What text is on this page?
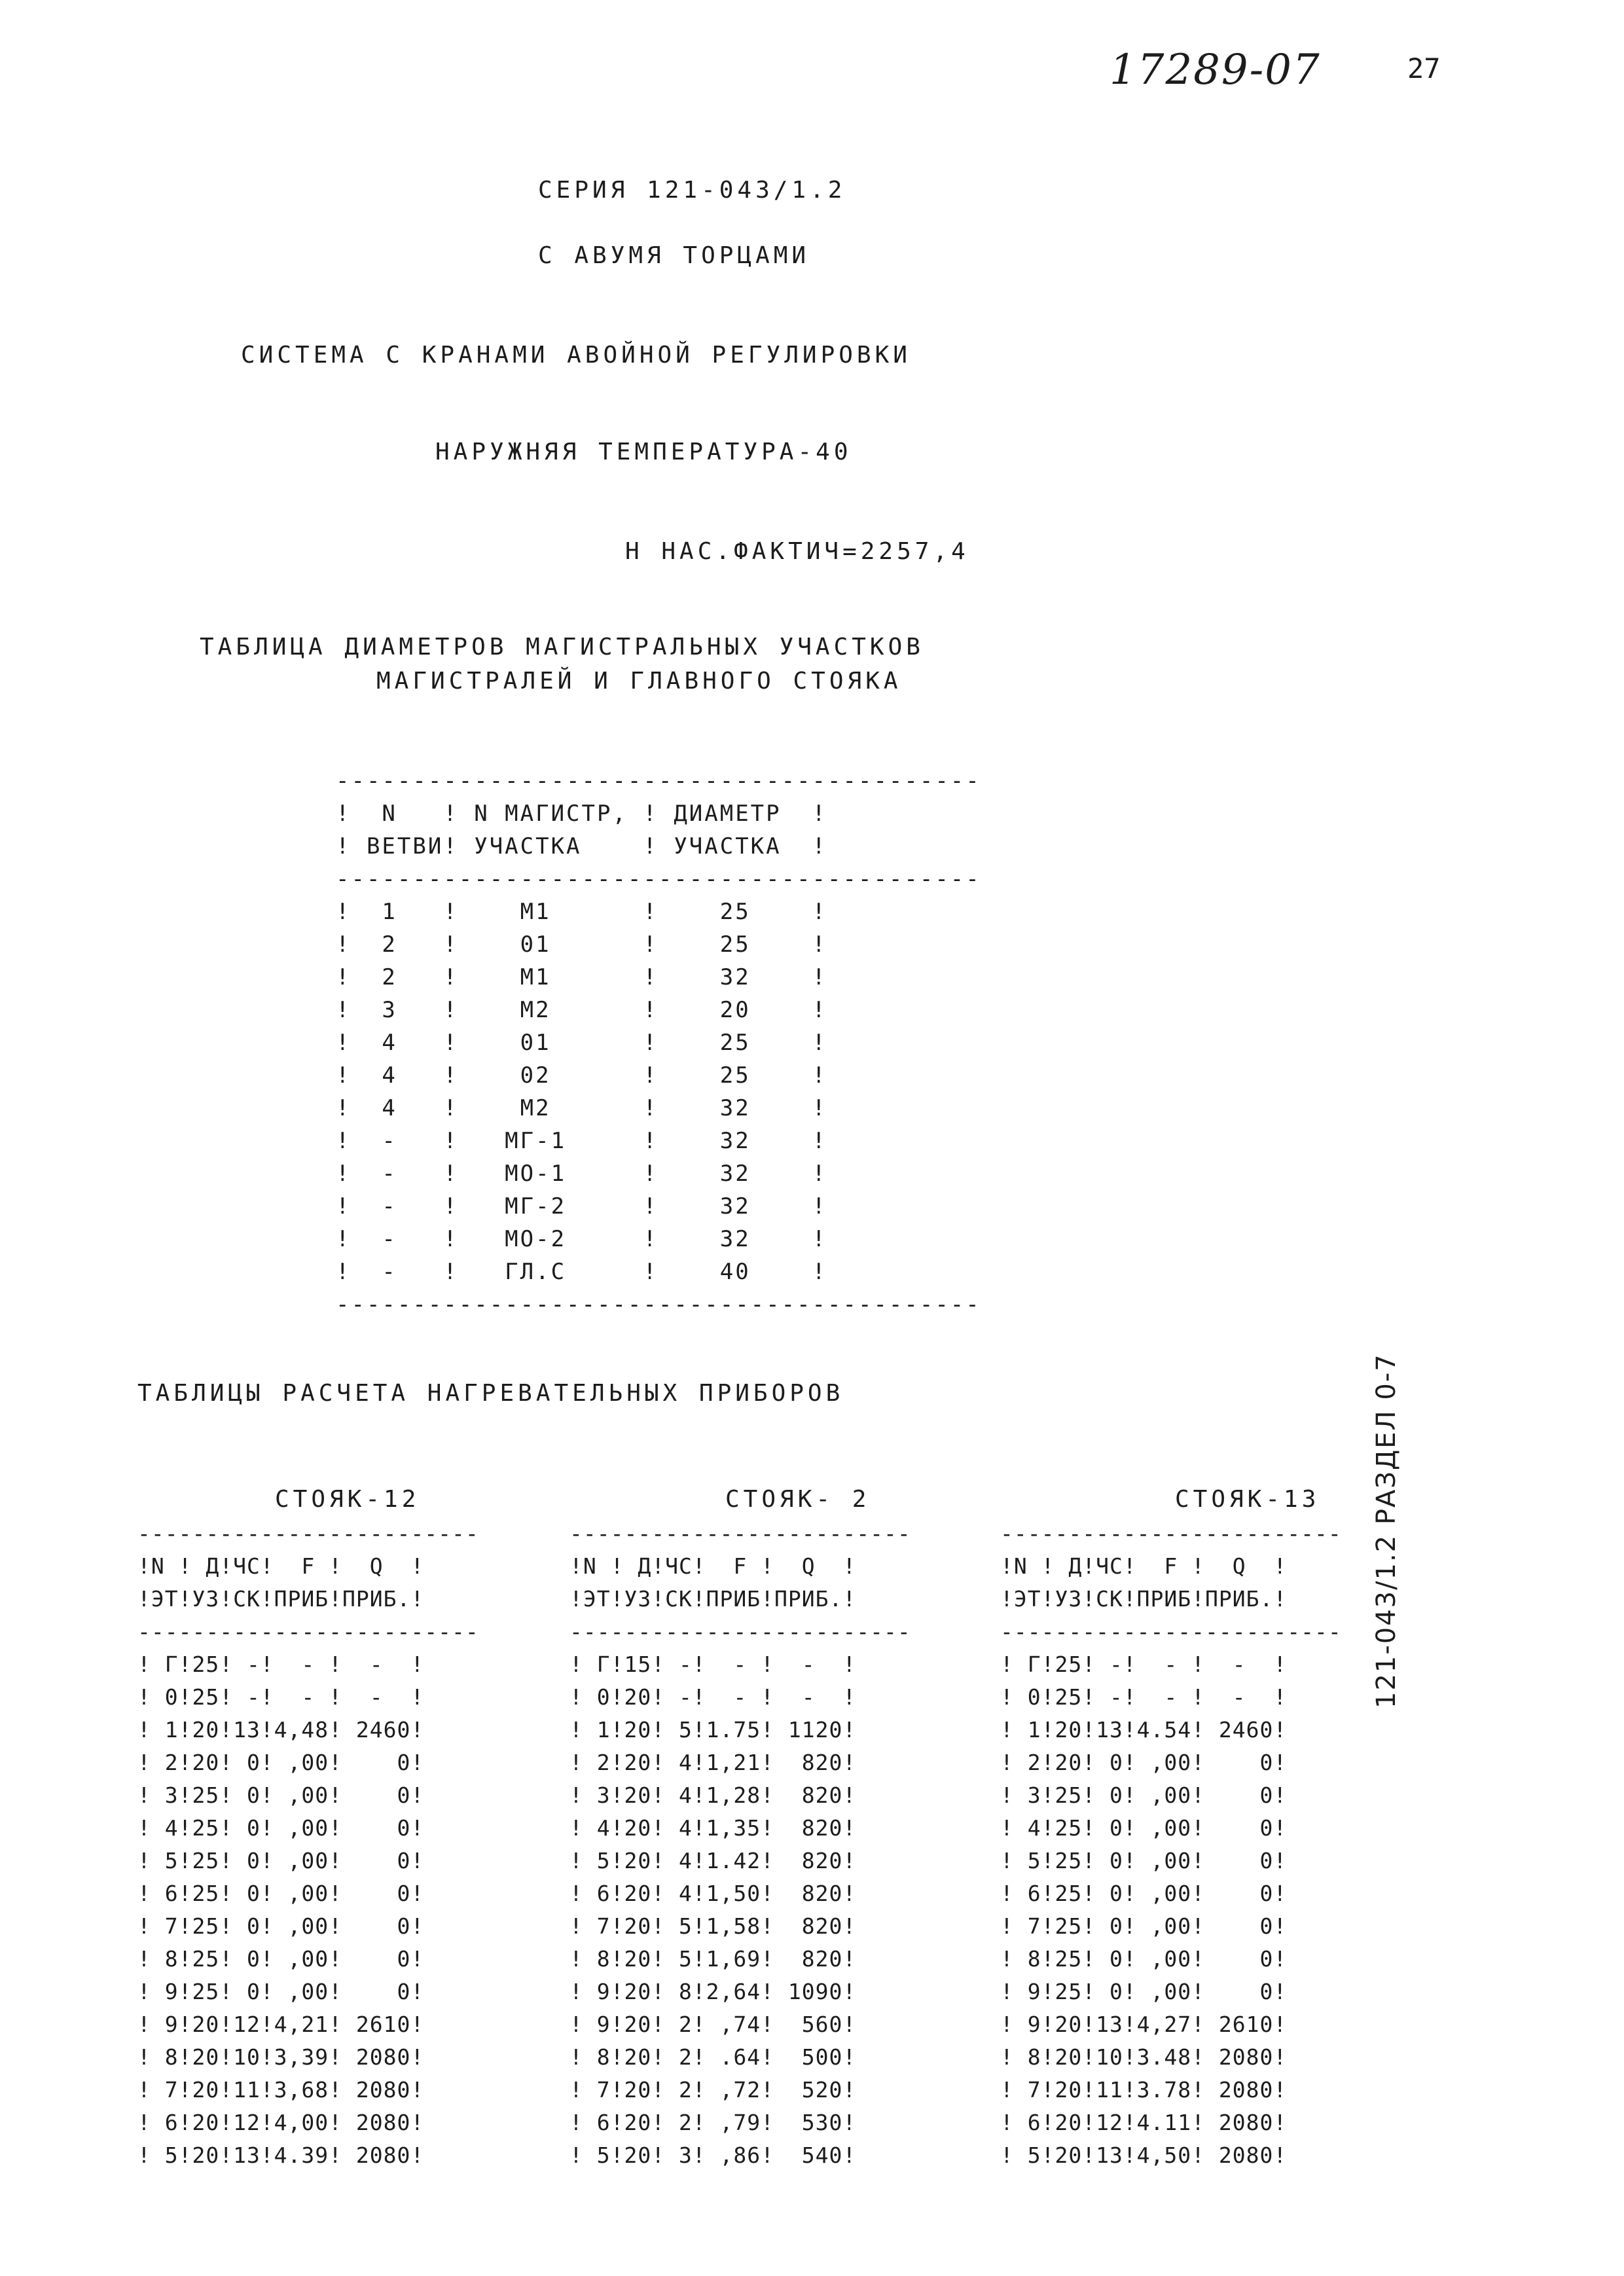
17289-07	27
СЕРИЯ 121-043/1.2
С АВУМЯ ТОРЦАМИ
СИСТЕМА С КРАНАМИ АВОЙНОЙ РЕГУЛИРОВКИ
НАРУЖНЯЯ ТЕМПЕРАТУРА-40
Н НАС.ФАКТИЧ=2257,4
ТАБЛИЦА ДИАМЕТРОВ МАГИСТРАЛЬНЫХ УЧАСТКОВ
МАГИСТРАЛЕЙ И ГЛАВНОГО СТОЯКА
------------------------------------------
!  N   ! N МАГИСТР, ! ДИАМЕТР  !
! ВЕТВИ! УЧАСТКА    ! УЧАСТКА  !
------------------------------------------
!  1   !    М1      !    25    !
!  2   !    01      !    25    !
!  2   !    М1      !    32    !
!  3   !    М2      !    20    !
!  4   !    01      !    25    !
!  4   !    02      !    25    !
!  4   !    М2      !    32    !
!  -   !   МГ-1     !    32    !
!  -   !   МО-1     !    32    !
!  -   !   МГ-2     !    32    !
!  -   !   МО-2     !    32    !
!  -   !   ГЛ.С     !    40    !
------------------------------------------
ТАБЛИЦЫ РАСЧЕТА НАГРЕВАТЕЛЬНЫХ ПРИБОРОВ
СТОЯК-12	СТОЯК- 2	СТОЯК-13
-------------------------
!N ! Д!ЧС!  F !  Q  !
!ЭТ!УЗ!СК!ПРИБ!ПРИБ.!
-------------------------
! Г!25! -!  - !  -  !
! 0!25! -!  - !  -  !
! 1!20!13!4,48! 2460!
! 2!20! 0! ,00!    0!
! 3!25! 0! ,00!    0!
! 4!25! 0! ,00!    0!
! 5!25! 0! ,00!    0!
! 6!25! 0! ,00!    0!
! 7!25! 0! ,00!    0!
! 8!25! 0! ,00!    0!
! 9!25! 0! ,00!    0!
! 9!20!12!4,21! 2610!
! 8!20!10!3,39! 2080!
! 7!20!11!3,68! 2080!
! 6!20!12!4,00! 2080!
! 5!20!13!4.39! 2080!
-------------------------
!N ! Д!ЧС!  F !  Q  !
!ЭТ!УЗ!СК!ПРИБ!ПРИБ.!
-------------------------
! Г!15! -!  - !  -  !
! 0!20! -!  - !  -  !
! 1!20! 5!1.75! 1120!
! 2!20! 4!1,21!  820!
! 3!20! 4!1,28!  820!
! 4!20! 4!1,35!  820!
! 5!20! 4!1.42!  820!
! 6!20! 4!1,50!  820!
! 7!20! 5!1,58!  820!
! 8!20! 5!1,69!  820!
! 9!20! 8!2,64! 1090!
! 9!20! 2! ,74!  560!
! 8!20! 2! .64!  500!
! 7!20! 2! ,72!  520!
! 6!20! 2! ,79!  530!
! 5!20! 3! ,86!  540!
-------------------------
!N ! Д!ЧС!  F !  Q  !
!ЭТ!УЗ!СК!ПРИБ!ПРИБ.!
-------------------------
! Г!25! -!  - !  -  !
! 0!25! -!  - !  -  !
! 1!20!13!4.54! 2460!
! 2!20! 0! ,00!    0!
! 3!25! 0! ,00!    0!
! 4!25! 0! ,00!    0!
! 5!25! 0! ,00!    0!
! 6!25! 0! ,00!    0!
! 7!25! 0! ,00!    0!
! 8!25! 0! ,00!    0!
! 9!25! 0! ,00!    0!
! 9!20!13!4,27! 2610!
! 8!20!10!3.48! 2080!
! 7!20!11!3.78! 2080!
! 6!20!12!4.11! 2080!
! 5!20!13!4,50! 2080!
121-043/1.2 РАЗДЕЛ 0-7
